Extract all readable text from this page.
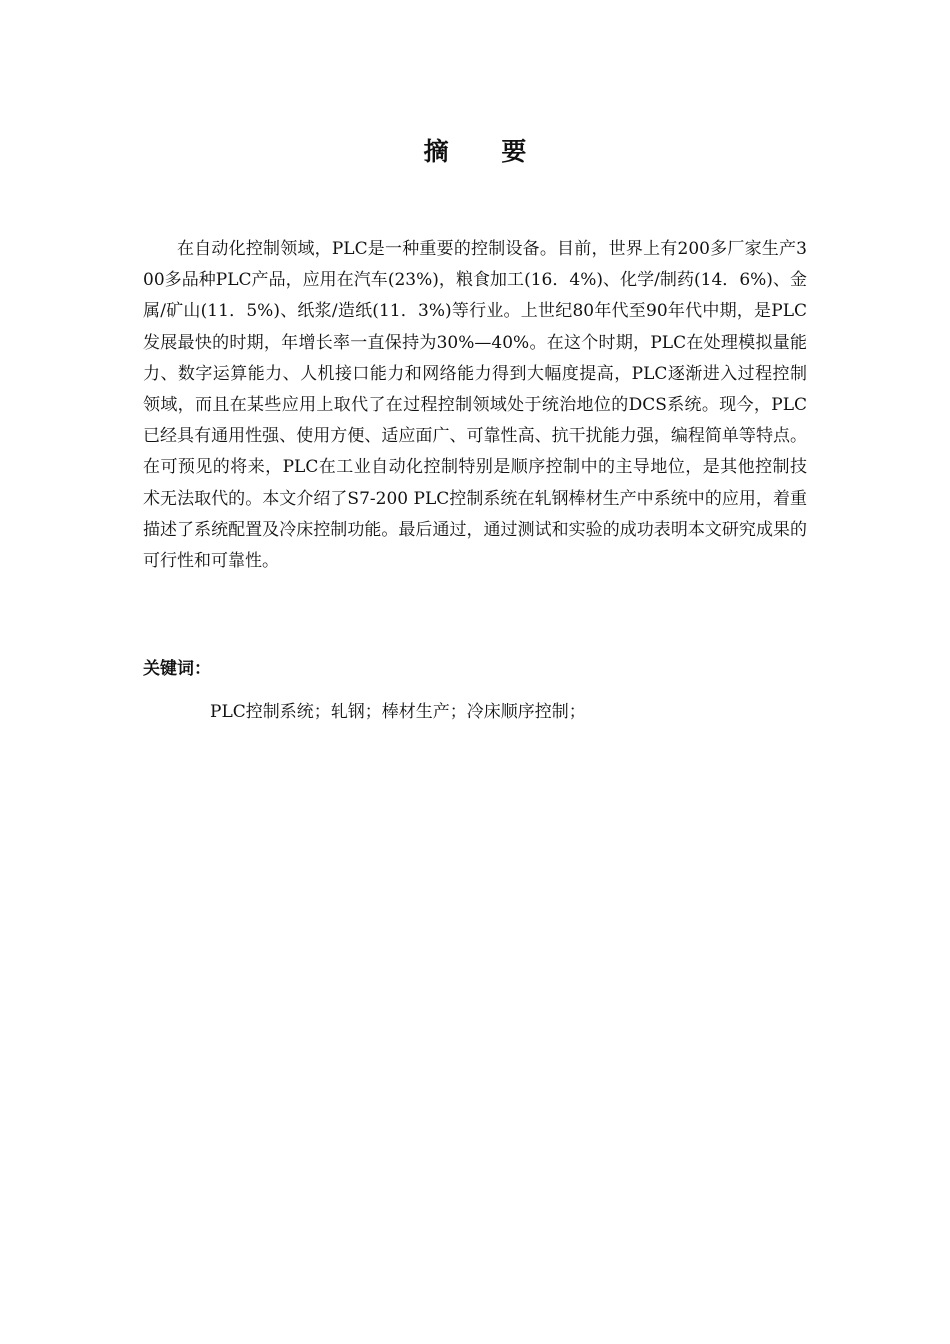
摘 要

在自动化控制领域，PLC是一种重要的控制设备。目前，世界上有200多厂家生产300多品种PLC产品，应用在汽车(23%)，粮食加工(16．4%)、化学/制药(14．6%)、金属/矿山(11．5%)、纸浆/造纸(11．3%)等行业。上世纪80年代至90年代中期，是PLC发展最快的时期，年增长率一直保持为30%—40%。在这个时期，PLC在处理模拟量能力、数字运算能力、人机接口能力和网络能力得到大幅度提高，PLC逐渐进入过程控制领域，而且在某些应用上取代了在过程控制领域处于统治地位的DCS系统。现今，PLC已经具有通用性强、使用方便、适应面广、可靠性高、抗干扰能力强，编程简单等特点。在可预见的将来，PLC在工业自动化控制特别是顺序控制中的主导地位，是其他控制技术无法取代的。本文介绍了S7-200 PLC控制系统在轧钢棒材生产中系统中的应用，着重描述了系统配置及冷床控制功能。最后通过，通过测试和实验的成功表明本文研究成果的可行性和可靠性。

关键词：
PLC控制系统；轧钢；棒材生产；冷床顺序控制；
